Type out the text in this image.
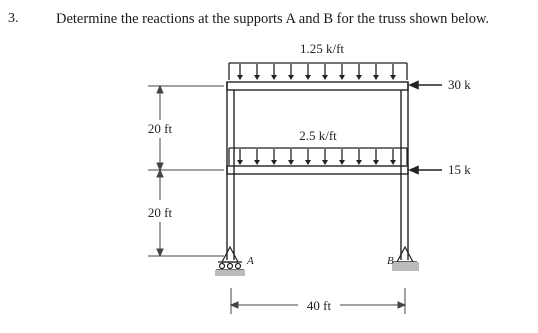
3.	Determine the reactions at the supports A and B for the truss shown below.
1.25 k/ft
2.5 k/ft
30 k
15 k
20 ft
20 ft
A	B
40 ft
